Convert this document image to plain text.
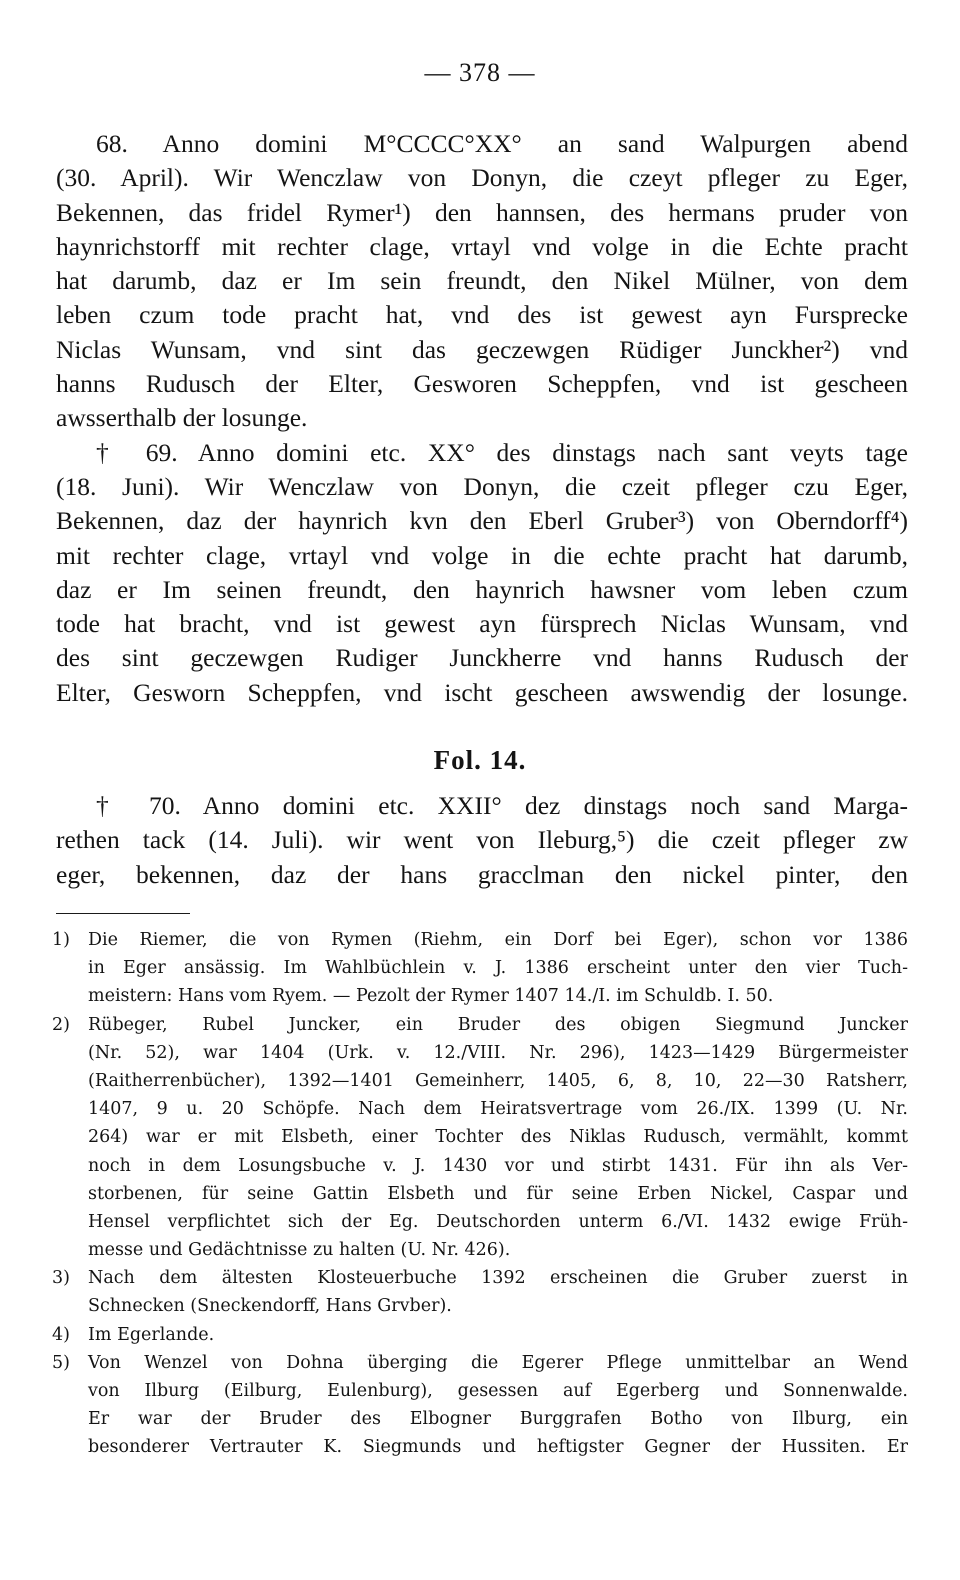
— 378 —
68. Anno domini M°CCCC°XX° an sand Walpurgen abend
(30. April). Wir Wenczlaw von Donyn, die czeyt pfleger zu Eger,
Bekennen, das fridel Rymer¹) den hannsen, des hermans pruder von
haynrichstorff mit rechter clage, vrtayl vnd volge in die Echte pracht
hat darumb, daz er Im sein freundt, den Nikel Mülner, von dem
leben czum tode pracht hat, vnd des ist gewest ayn Fursprecke
Niclas Wunsam, vnd sint das geczewgen Rüdiger Junckher²) vnd
hanns Rudusch der Elter, Gesworen Scheppfen, vnd ist gescheen
awsserthalb der losunge.
† 69. Anno domini etc. XX° des dinstags nach sant veyts tage
(18. Juni). Wir Wenczlaw von Donyn, die czeit pfleger czu Eger,
Bekennen, daz der haynrich kvn den Eberl Gruber³) von Oberndorff⁴)
mit rechter clage, vrtayl vnd volge in die echte pracht hat darumb,
daz er Im seinen freundt, den haynrich hawsner vom leben czum
tode hat bracht, vnd ist gewest ayn fürsprech Niclas Wunsam, vnd
des sint geczewgen Rudiger Junckherre vnd hanns Rudusch der
Elter, Gesworn Scheppfen, vnd ischt gescheen awswendig der losunge.
Fol. 14.
† 70. Anno domini etc. XXII° dez dinstags noch sand Marga-
rethen tack (14. Juli). wir went von Ileburg,⁵) die czeit pfleger zw
eger, bekennen, daz der hans gracclman den nickel pinter, den
1) Die Riemer, die von Rymen (Riehm, ein Dorf bei Eger), schon vor 1386
in Eger ansässig. Im Wahlbüchlein v. J. 1386 erscheint unter den vier Tuch-
meistern: Hans vom Ryem. — Pezolt der Rymer 1407 14./I. im Schuldb. I. 50.
2) Rübeger, Rubel Juncker, ein Bruder des obigen Siegmund Juncker
(Nr. 52), war 1404 (Urk. v. 12./VIII. Nr. 296), 1423—1429 Bürgermeister
(Raitherrenbücher), 1392—1401 Gemeinherr, 1405, 6, 8, 10, 22—30 Ratsherr,
1407, 9 u. 20 Schöpfe. Nach dem Heiratsvertrage vom 26./IX. 1399 (U. Nr.
264) war er mit Elsbeth, einer Tochter des Niklas Rudusch, vermählt, kommt
noch in dem Losungsbuche v. J. 1430 vor und stirbt 1431. Für ihn als Ver-
storbenen, für seine Gattin Elsbeth und für seine Erben Nickel, Caspar und
Hensel verpflichtet sich der Eg. Deutschorden unterm 6./VI. 1432 ewige Früh-
messe und Gedächtnisse zu halten (U. Nr. 426).
3) Nach dem ältesten Klosteuerbuche 1392 erscheinen die Gruber zuerst in
Schnecken (Sneckendorff, Hans Grvber).
4) Im Egerlande.
5) Von Wenzel von Dohna überging die Egerer Pflege unmittelbar an Wend
von Ilburg (Eilburg, Eulenburg), gesessen auf Egerberg und Sonnenwalde.
Er war der Bruder des Elbogner Burggrafen Botho von Ilburg, ein
besonderer Vertrauter K. Siegmunds und heftigster Gegner der Hussiten. Er
